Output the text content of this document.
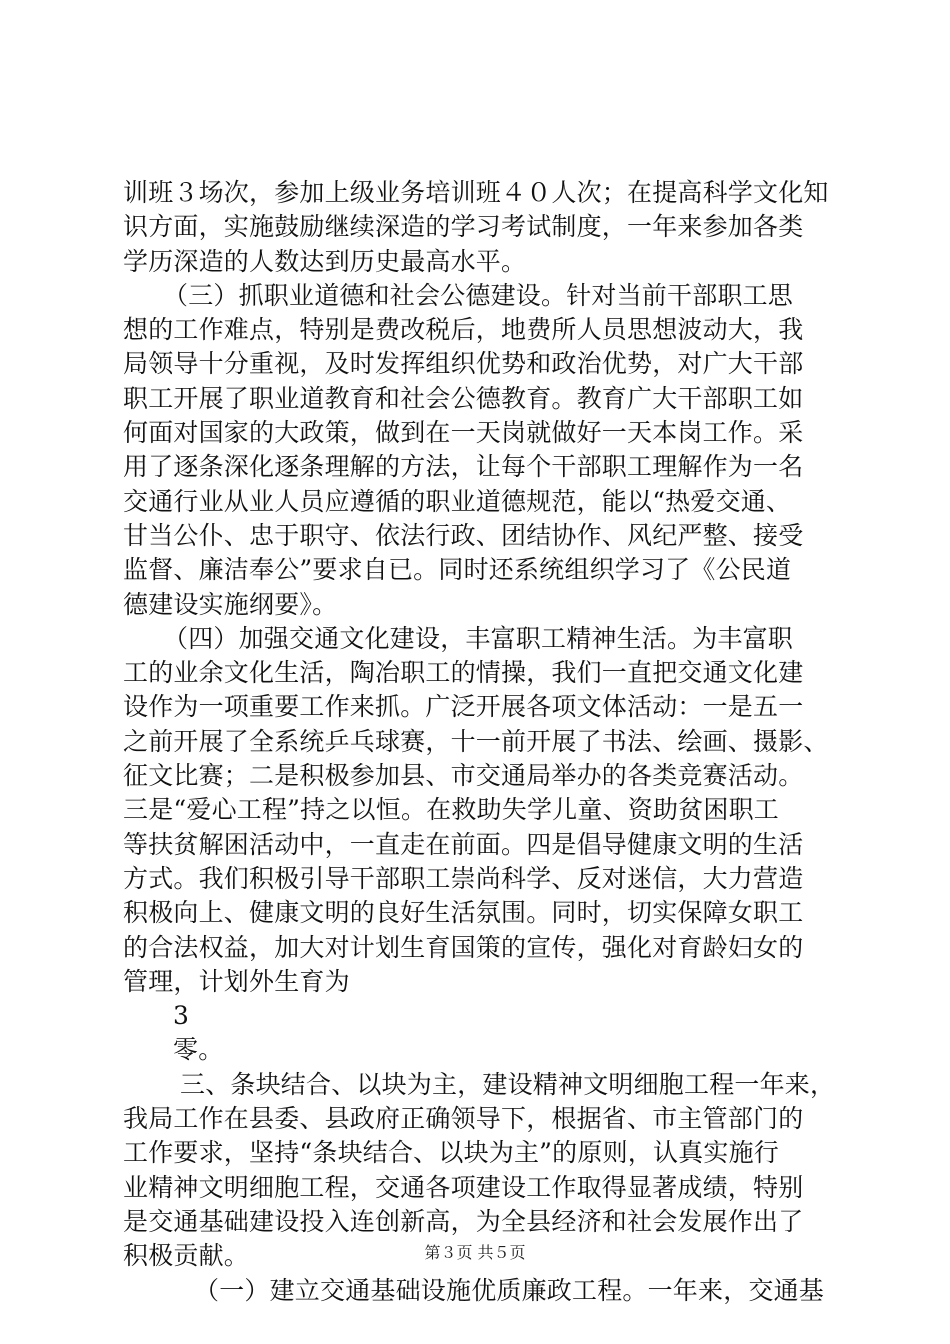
训班３场次，参加上级业务培训班４０人次；在提高科学文化知
识方面，实施鼓励继续深造的学习考试制度，一年来参加各类
学历深造的人数达到历史最高水平。
（三）抓职业道德和社会公德建设。针对当前干部职工思
想的工作难点，特别是费改税后，地费所人员思想波动大，我
局领导十分重视，及时发挥组织优势和政治优势，对广大干部
职工开展了职业道教育和社会公德教育。教育广大干部职工如
何面对国家的大政策，做到在一天岗就做好一天本岗工作。采
用了逐条深化逐条理解的方法，让每个干部职工理解作为一名
交通行业从业人员应遵循的职业道德规范，能以“热爱交通、
甘当公仆、忠于职守、依法行政、团结协作、风纪严整、接受
监督、廉洁奉公”要求自已。同时还系统组织学习了《公民道
德建设实施纲要》。
（四）加强交通文化建设，丰富职工精神生活。为丰富职
工的业余文化生活，陶冶职工的情操，我们一直把交通文化建
设作为一项重要工作来抓。广泛开展各项文体活动：一是五一
之前开展了全系统乒乓球赛，十一前开展了书法、绘画、摄影、
征文比赛；二是积极参加县、市交通局举办的各类竞赛活动。
三是“爱心工程”持之以恒。在救助失学儿童、资助贫困职工
等扶贫解困活动中，一直走在前面。四是倡导健康文明的生活
方式。我们积极引导干部职工崇尚科学、反对迷信，大力营造
积极向上、健康文明的良好生活氛围。同时，切实保障女职工
的合法权益，加大对计划生育国策的宣传，强化对育龄妇女的
管理，计划外生育为
3
零。
三、条块结合、以块为主，建设精神文明细胞工程一年来，
我局工作在县委、县政府正确领导下，根据省、市主管部门的
工作要求，坚持“条块结合、以块为主”的原则，认真实施行
业精神文明细胞工程，交通各项建设工作取得显著成绩，特别
是交通基础建设投入连创新高，为全县经济和社会发展作出了
积极贡献。
（一）建立交通基础设施优质廉政工程。一年来，交通基
第３页 共５页
